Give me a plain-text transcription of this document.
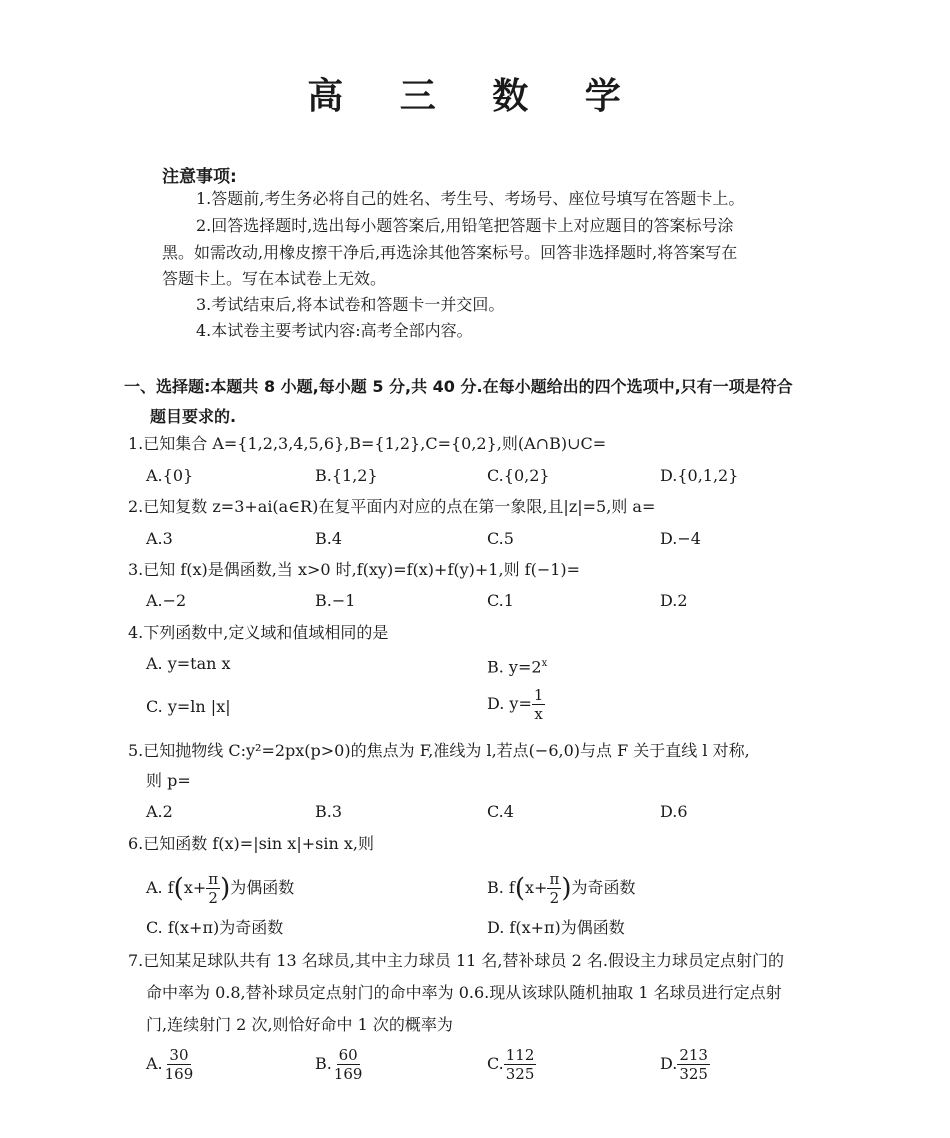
高 三 数 学
注意事项:
1.答题前,考生务必将自己的姓名、考生号、考场号、座位号填写在答题卡上。
2.回答选择题时,选出每小题答案后,用铅笔把答题卡上对应题目的答案标号涂
黑。如需改动,用橡皮擦干净后,再选涂其他答案标号。回答非选择题时,将答案写在
答题卡上。写在本试卷上无效。
3.考试结束后,将本试卷和答题卡一并交回。
4.本试卷主要考试内容:高考全部内容。
一、选择题:本题共 8 小题,每小题 5 分,共 40 分.在每小题给出的四个选项中,只有一项是符合
题目要求的.
1.已知集合 A={1,2,3,4,5,6},B={1,2},C={0,2},则(A∩B)∪C=
A.{0}	B.{1,2}	C.{0,2}	D.{0,1,2}
2.已知复数 z=3+ai(a∈R)在复平面内对应的点在第一象限,且|z|=5,则 a=
A.3	B.4	C.5	D.−4
3.已知 f(x)是偶函数,当 x>0 时,f(xy)=f(x)+f(y)+1,则 f(−1)=
A.−2	B.−1	C.1	D.2
4.下列函数中,定义域和值域相同的是
A. y=tan x	B. $y=2^x$
C. y=ln |x|	D. $y= \frac{1}{x}$
5.已知抛物线 C:y²=2px(p>0)的焦点为 F,准线为 l,若点(−6,0)与点 F 关于直线 l 对称,
则 p=
A.2	B.3	C.4	D.6
6.已知函数 f(x)=|sin x|+sin x,则
A. $f(x+ \frac{\pi}{2}$ )为偶函数	B. $f(x+ \frac{\pi}{2}$ )为奇函数
C. f(x+π)为奇函数	D. f(x+π)为偶函数
7.已知某足球队共有 13 名球员,其中主力球员 11 名,替补球员 2 名.假设主力球员定点射门的
命中率为 0.8,替补球员定点射门的命中率为 0.6.现从该球队随机抽取 1 名球员进行定点射
门,连续射门 2 次,则恰好命中 1 次的概率为
A. $\frac{30}{169}$	B. $\frac{60}{169}$	C. $\frac{112}{325}$	D. $\frac{213}{325}$
